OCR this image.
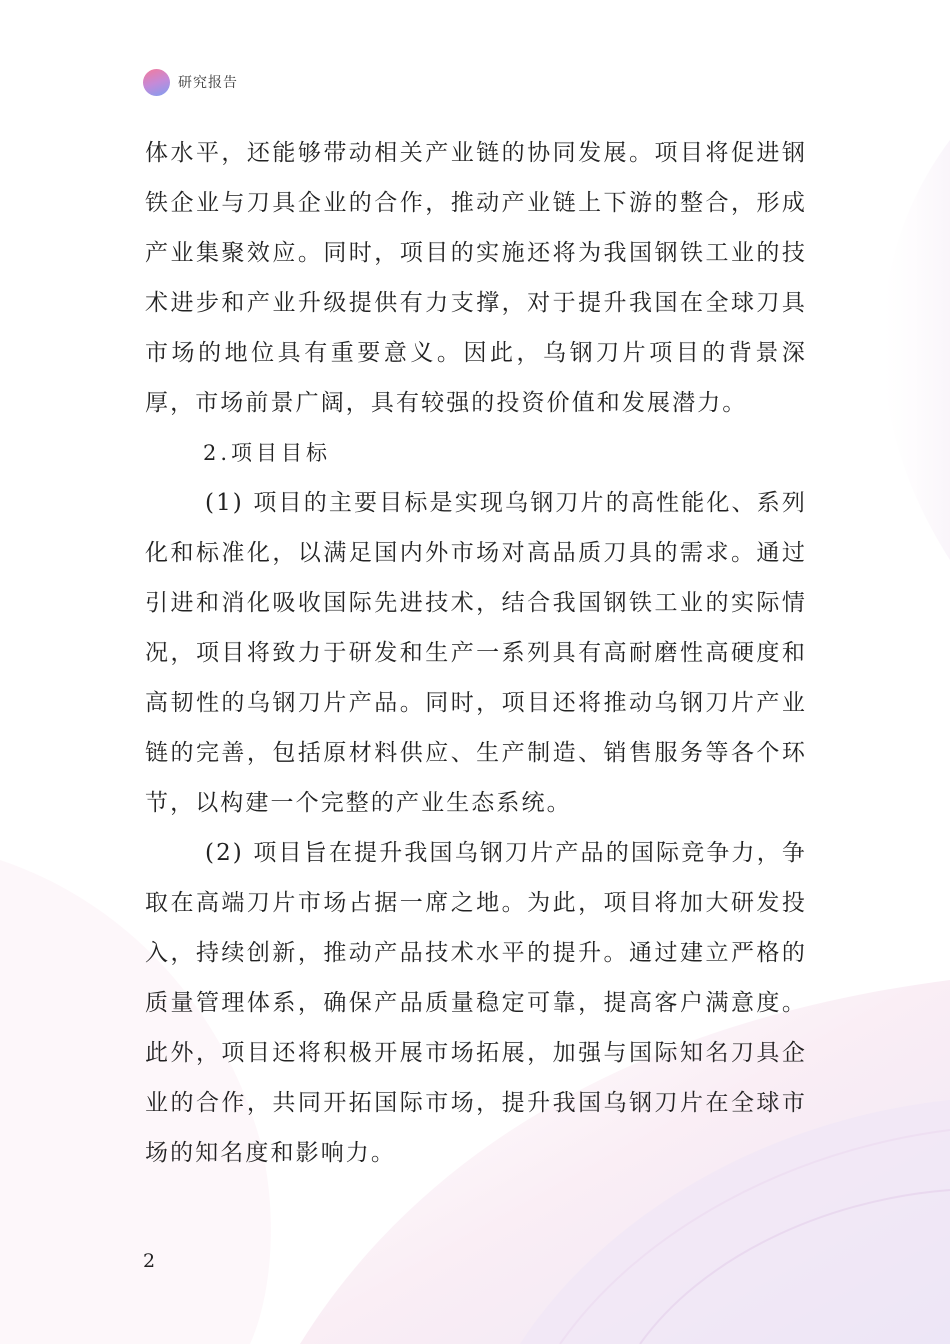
研究报告

体水平，还能够带动相关产业链的协同发展。项目将促进钢铁企业与刀具企业的合作，推动产业链上下游的整合，形成产业集聚效应。同时，项目的实施还将为我国钢铁工业的技术进步和产业升级提供有力支撑，对于提升我国在全球刀具市场的地位具有重要意义。因此，乌钢刀片项目的背景深厚，市场前景广阔，具有较强的投资价值和发展潜力。

2.项目目标

(1) 项目的主要目标是实现乌钢刀片的高性能化、系列化和标准化，以满足国内外市场对高品质刀具的需求。通过引进和消化吸收国际先进技术，结合我国钢铁工业的实际情况，项目将致力于研发和生产一系列具有高耐磨性高硬度和高韧性的乌钢刀片产品。同时，项目还将推动乌钢刀片产业链的完善，包括原材料供应、生产制造、销售服务等各个环节，以构建一个完整的产业生态系统。

(2) 项目旨在提升我国乌钢刀片产品的国际竞争力，争取在高端刀片市场占据一席之地。为此，项目将加大研发投入，持续创新，推动产品技术水平的提升。通过建立严格的质量管理体系，确保产品质量稳定可靠，提高客户满意度。此外，项目还将积极开展市场拓展，加强与国际知名刀具企业的合作，共同开拓国际市场，提升我国乌钢刀片在全球市场的知名度和影响力。

2
